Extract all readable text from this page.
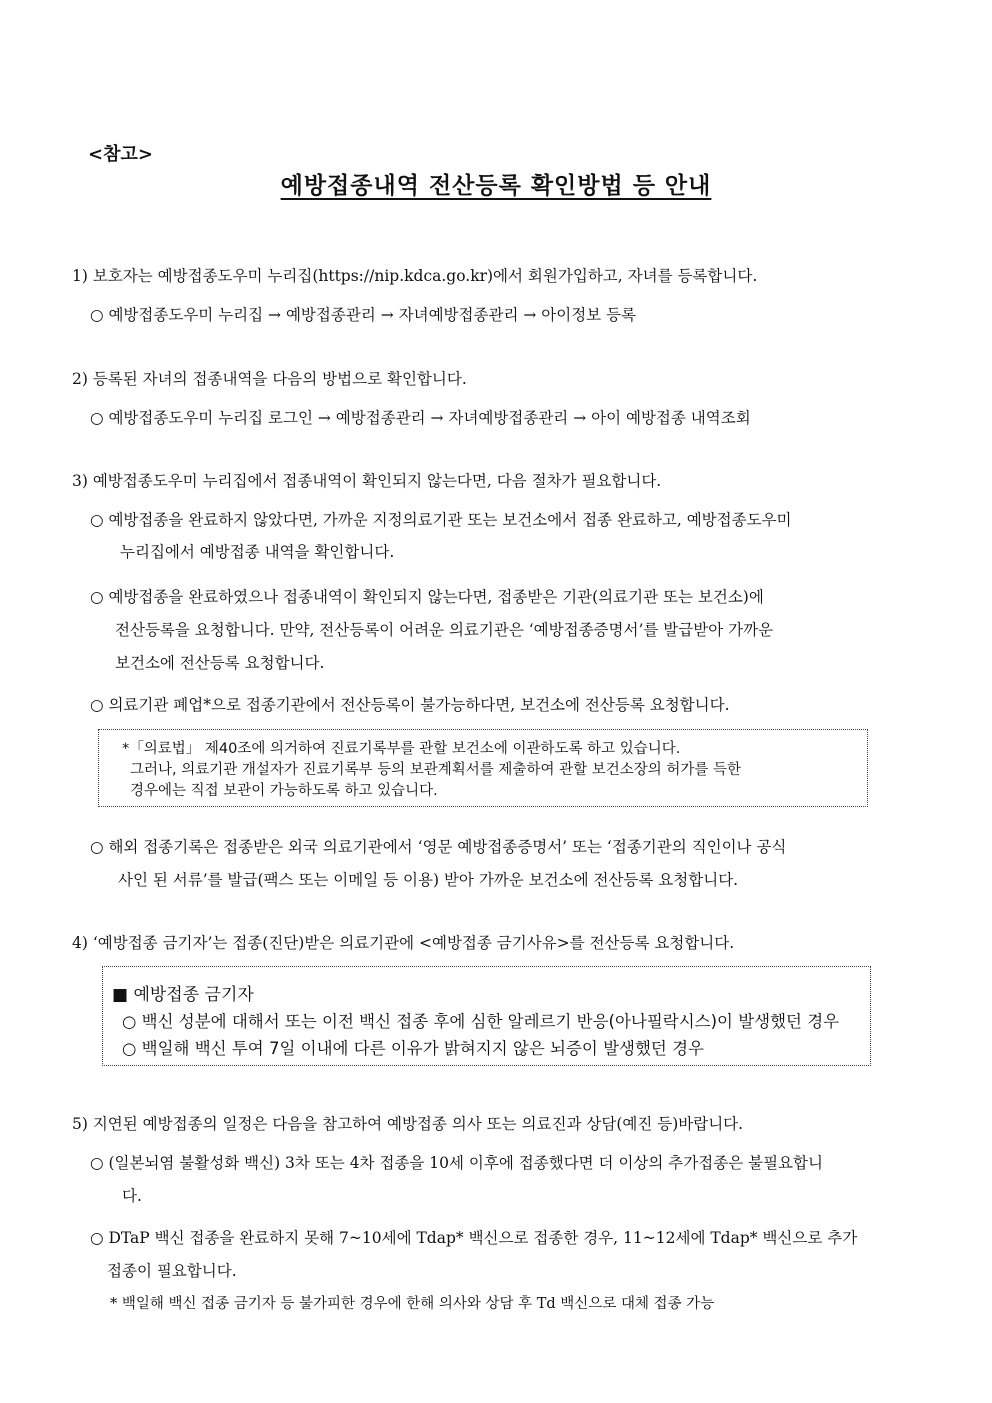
<참고>
예방접종내역 전산등록 확인방법 등 안내
1) 보호자는 예방접종도우미 누리집(https://nip.kdca.go.kr)에서 회원가입하고, 자녀를 등록합니다.
○ 예방접종도우미 누리집 → 예방접종관리 → 자녀예방접종관리 → 아이정보 등록
2) 등록된 자녀의 접종내역을 다음의 방법으로 확인합니다.
○ 예방접종도우미 누리집 로그인 → 예방접종관리 → 자녀예방접종관리 → 아이 예방접종 내역조회
3) 예방접종도우미 누리집에서 접종내역이 확인되지 않는다면, 다음 절차가 필요합니다.
○ 예방접종을 완료하지 않았다면, 가까운 지정의료기관 또는 보건소에서 접종 완료하고, 예방접종도우미
누리집에서 예방접종 내역을 확인합니다.
○ 예방접종을 완료하였으나 접종내역이 확인되지 않는다면, 접종받은 기관(의료기관 또는 보건소)에
전산등록을 요청합니다. 만약, 전산등록이 어려운 의료기관은 ‘예방접종증명서’를 발급받아 가까운
보건소에 전산등록 요청합니다.
○ 의료기관 폐업*으로 접종기관에서 전산등록이 불가능하다면, 보건소에 전산등록 요청합니다.
*「의료법」 제40조에 의거하여 진료기록부를 관할 보건소에 이관하도록 하고 있습니다.
그러나, 의료기관 개설자가 진료기록부 등의 보관계획서를 제출하여 관할 보건소장의 허가를 득한
경우에는 직접 보관이 가능하도록 하고 있습니다.
○ 해외 접종기록은 접종받은 외국 의료기관에서 ‘영문 예방접종증명서’ 또는 ‘접종기관의 직인이나 공식
사인 된 서류’를 발급(팩스 또는 이메일 등 이용) 받아 가까운 보건소에 전산등록 요청합니다.
4) ‘예방접종 금기자’는 접종(진단)받은 의료기관에 <예방접종 금기사유>를 전산등록 요청합니다.
■ 예방접종 금기자
○ 백신 성분에 대해서 또는 이전 백신 접종 후에 심한 알레르기 반응(아나필락시스)이 발생했던 경우
○ 백일해 백신 투여 7일 이내에 다른 이유가 밝혀지지 않은 뇌증이 발생했던 경우
5) 지연된 예방접종의 일정은 다음을 참고하여 예방접종 의사 또는 의료진과 상담(예진 등)바랍니다.
○ (일본뇌염 불활성화 백신) 3차 또는 4차 접종을 10세 이후에 접종했다면 더 이상의 추가접종은 불필요합니
다.
○ DTaP 백신 접종을 완료하지 못해 7~10세에 Tdap* 백신으로 접종한 경우, 11~12세에 Tdap* 백신으로 추가
접종이 필요합니다.
* 백일해 백신 접종 금기자 등 불가피한 경우에 한해 의사와 상담 후 Td 백신으로 대체 접종 가능
